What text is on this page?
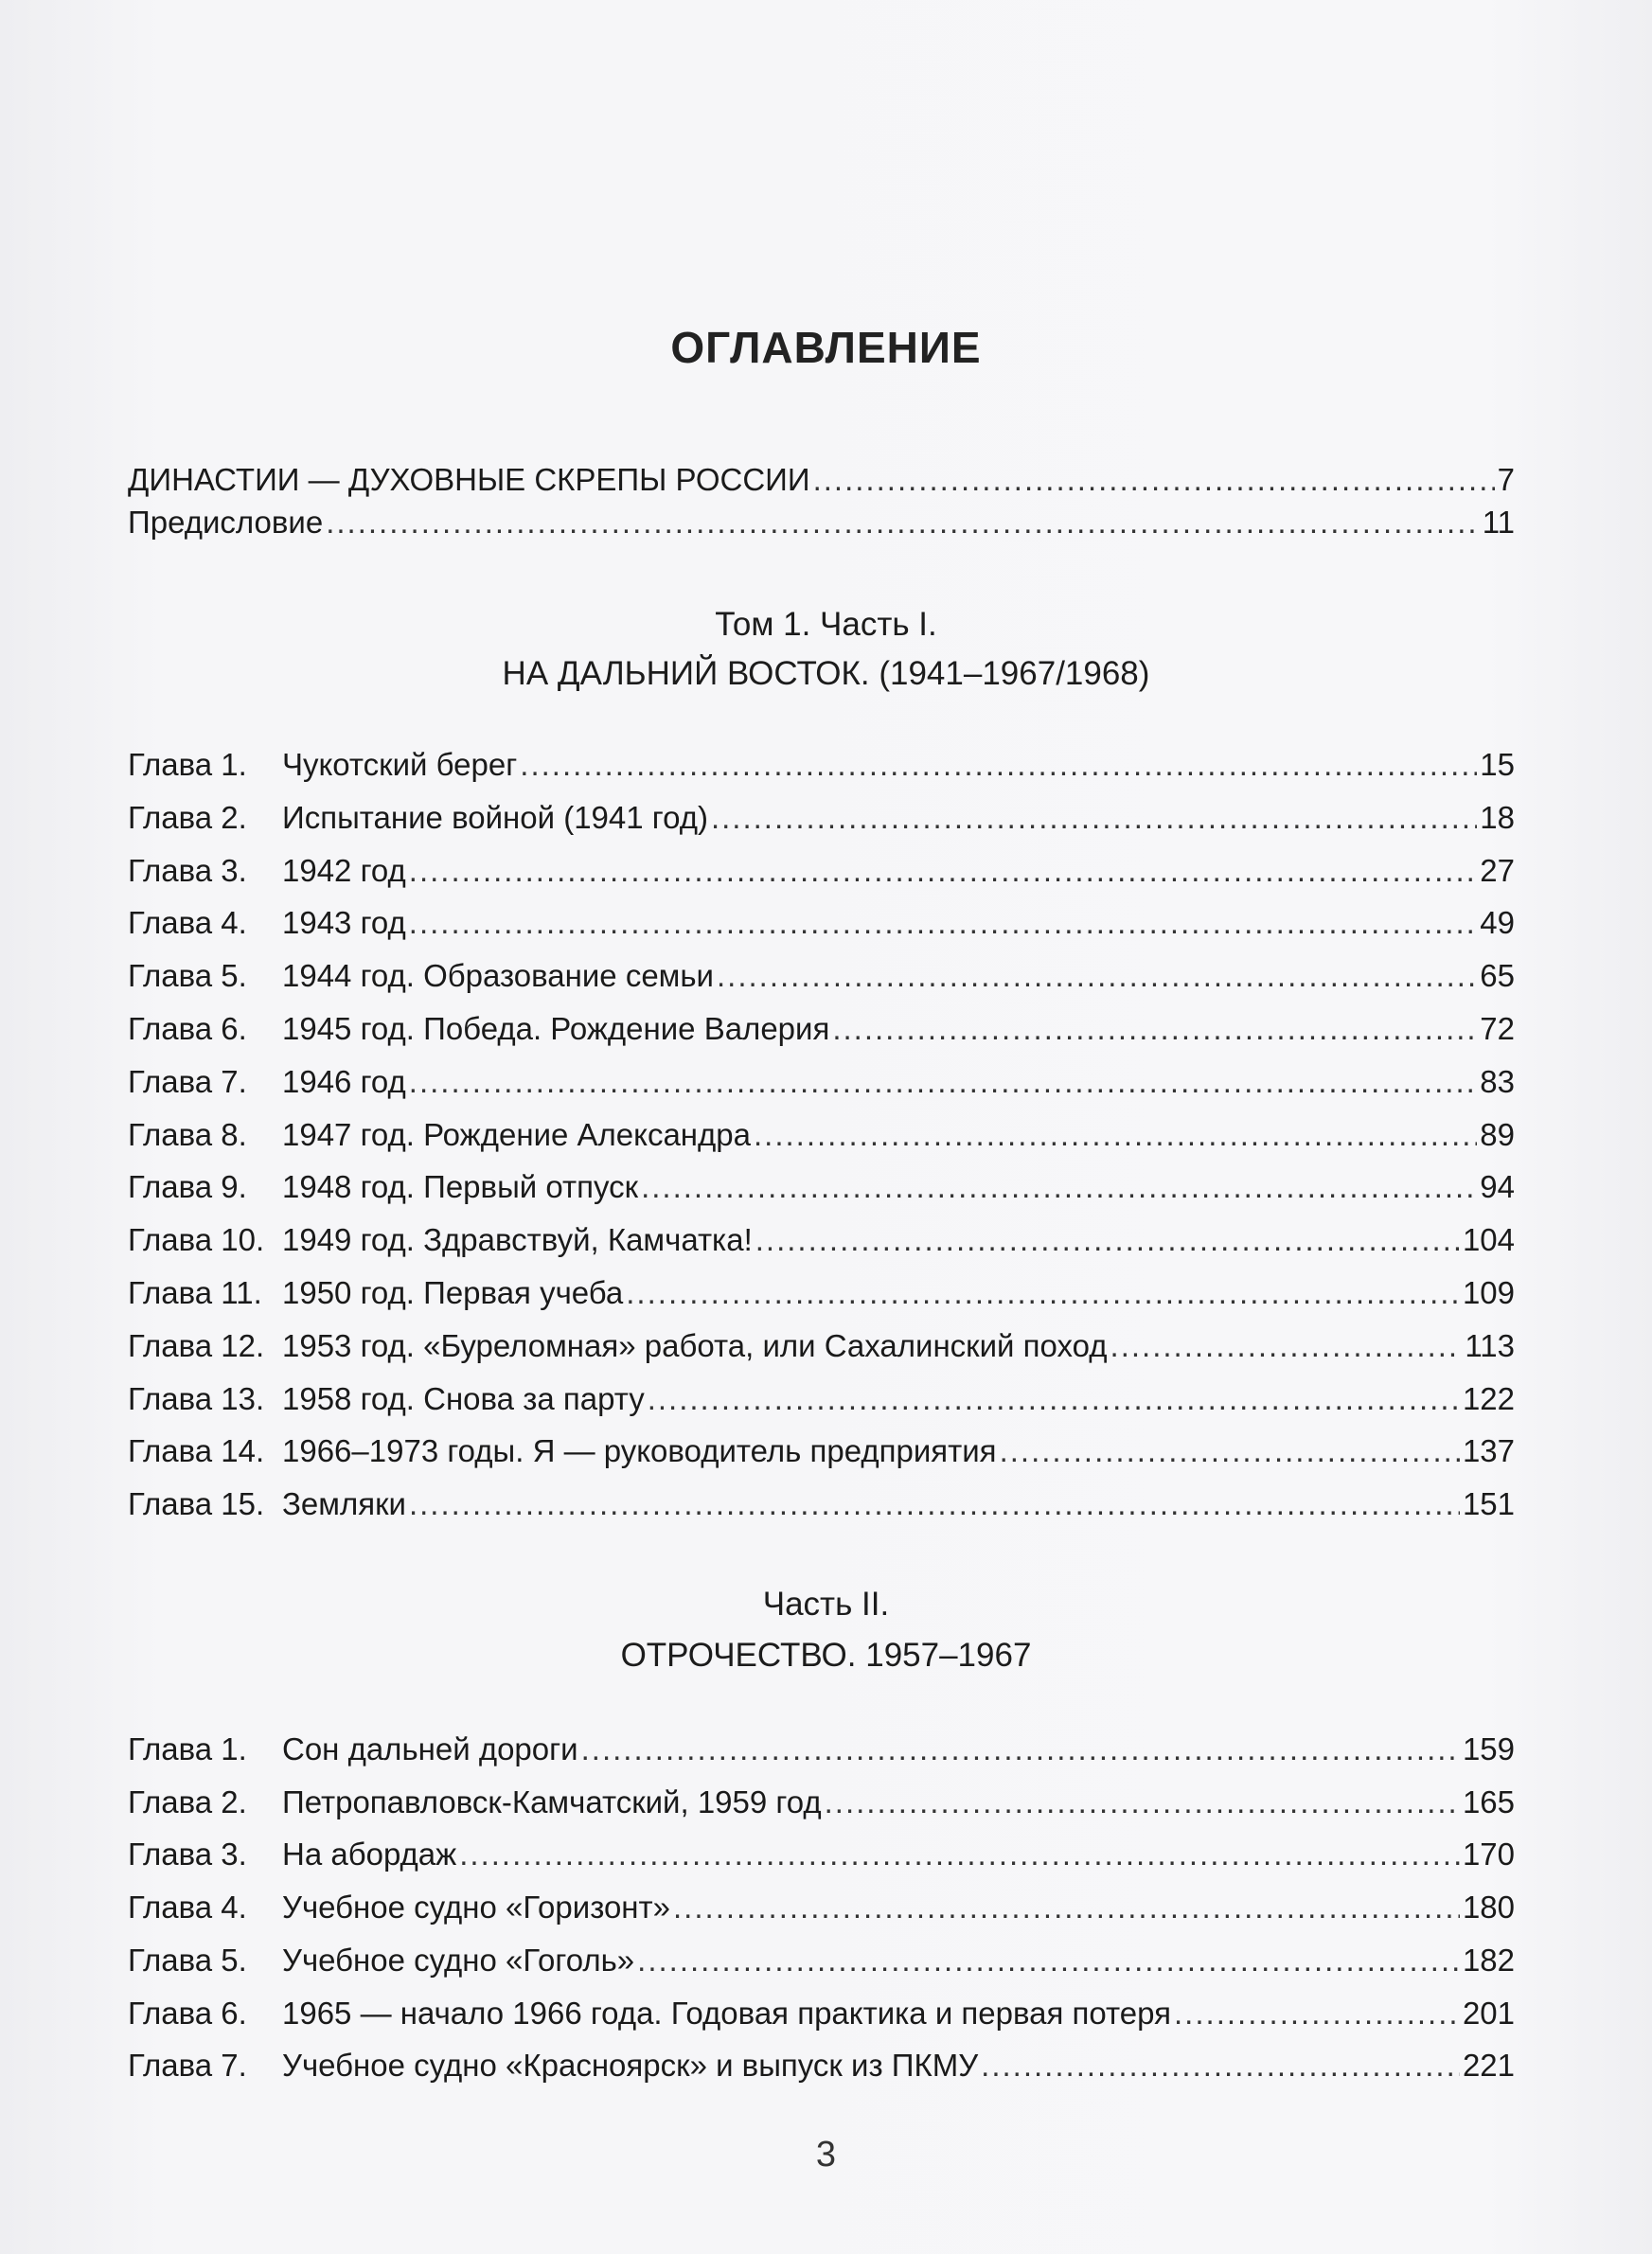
ОГЛАВЛЕНИЕ
ДИНАСТИИ — ДУХОВНЫЕ СКРЕПЫ РОССИИ .....	7
Предисловие .....	11
Том 1. Часть I.
НА ДАЛЬНИЙ ВОСТОК. (1941–1967/1968)
Глава 1.	Чукотский берег .....	15
Глава 2.	Испытание войной (1941 год) .....	18
Глава 3.	1942 год .....	27
Глава 4.	1943 год .....	49
Глава 5.	1944 год. Образование семьи .....	65
Глава 6.	1945 год. Победа. Рождение Валерия .....	72
Глава 7.	1946 год .....	83
Глава 8.	1947 год. Рождение Александра .....	89
Глава 9.	1948 год. Первый отпуск .....	94
Глава 10. 1949 год. Здравствуй, Камчатка! .....	104
Глава 11. 1950 год. Первая учеба .....	109
Глава 12. 1953 год. «Буреломная» работа, или Сахалинский поход .....	113
Глава 13. 1958 год. Снова за парту .....	122
Глава 14. 1966–1973 годы. Я — руководитель предприятия .....	137
Глава 15. Земляки .....	151
Часть II.
ОТРОЧЕСТВО. 1957–1967
Глава 1.	Сон дальней дороги .....	159
Глава 2.	Петропавловск-Камчатский, 1959 год .....	165
Глава 3.	На абордаж .....	170
Глава 4.	Учебное судно «Горизонт» .....	180
Глава 5.	Учебное судно «Гоголь» .....	182
Глава 6.	1965 — начало 1966 года. Годовая практика и первая потеря .....	201
Глава 7.	Учебное судно «Красноярск» и выпуск из ПКМУ .....	221
3
